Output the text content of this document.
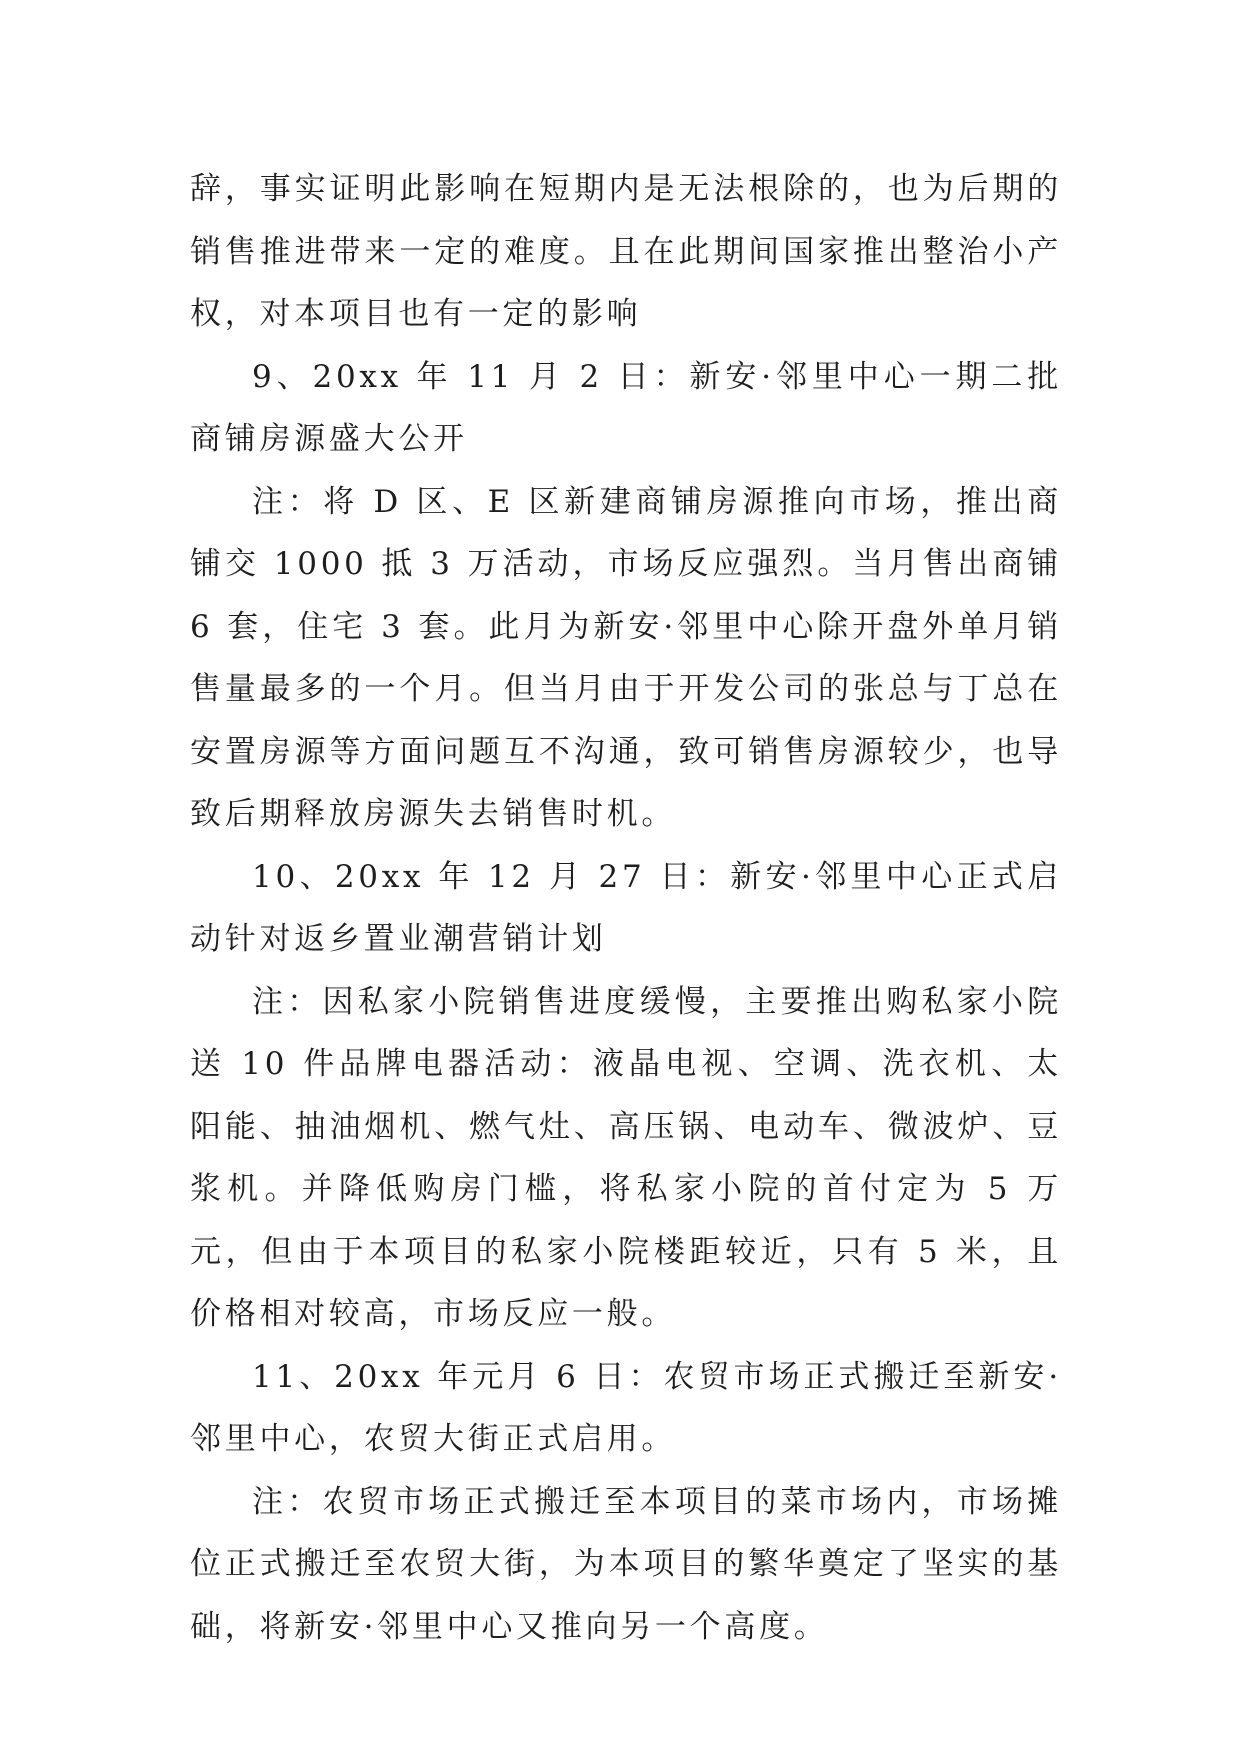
辞，事实证明此影响在短期内是无法根除的，也为后期的销售推进带来一定的难度。且在此期间国家推出整治小产权，对本项目也有一定的影响

9、20xx 年 11 月 2 日：新安·邻里中心一期二批商铺房源盛大公开

注：将 D 区、E 区新建商铺房源推向市场，推出商铺交 1000 抵 3 万活动，市场反应强烈。当月售出商铺 6 套，住宅 3 套。此月为新安·邻里中心除开盘外单月销售量最多的一个月。但当月由于开发公司的张总与丁总在安置房源等方面问题互不沟通，致可销售房源较少，也导致后期释放房源失去销售时机。

10、20xx 年 12 月 27 日：新安·邻里中心正式启动针对返乡置业潮营销计划

注：因私家小院销售进度缓慢，主要推出购私家小院送 10 件品牌电器活动：液晶电视、空调、洗衣机、太阳能、抽油烟机、燃气灶、高压锅、电动车、微波炉、豆浆机。并降低购房门槛，将私家小院的首付定为 5 万元，但由于本项目的私家小院楼距较近，只有 5 米，且价格相对较高，市场反应一般。

11、20xx 年元月 6 日：农贸市场正式搬迁至新安·邻里中心，农贸大街正式启用。

注：农贸市场正式搬迁至本项目的菜市场内，市场摊位正式搬迁至农贸大街，为本项目的繁华奠定了坚实的基础，将新安·邻里中心又推向另一个高度。
